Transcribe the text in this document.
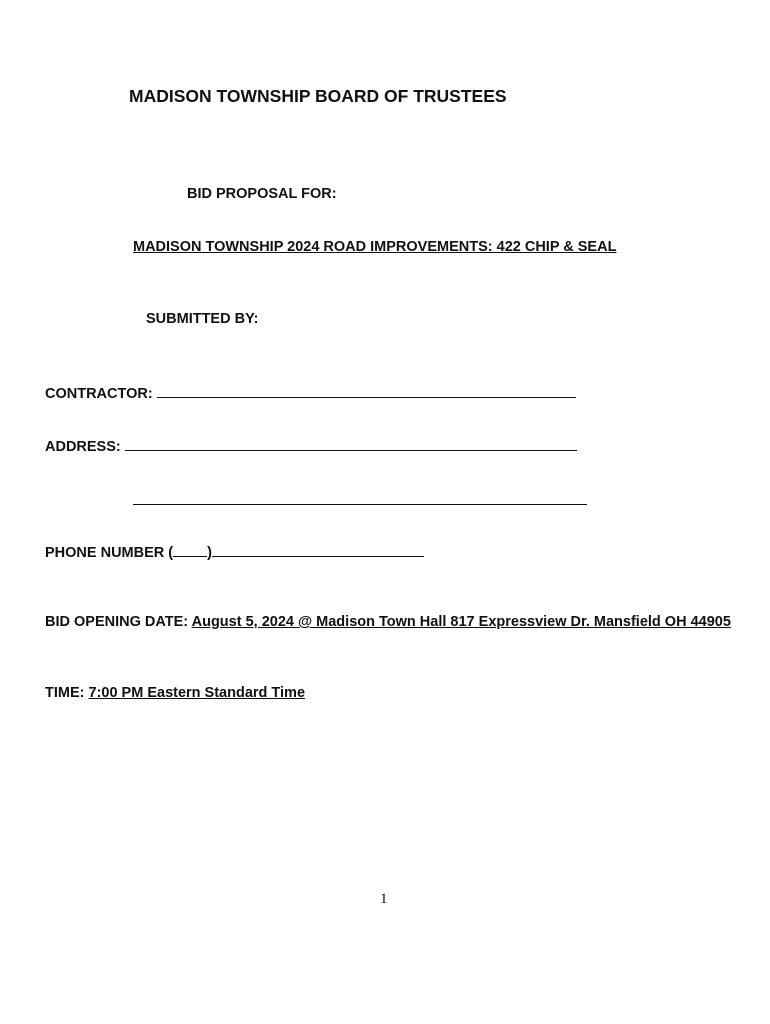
MADISON TOWNSHIP BOARD OF TRUSTEES
BID PROPOSAL FOR:
MADISON TOWNSHIP 2024 ROAD IMPROVEMENTS: 422 CHIP & SEAL
SUBMITTED BY:
CONTRACTOR:
ADDRESS:
PHONE NUMBER ( )
BID OPENING DATE: August 5, 2024 @ Madison Town Hall 817 Expressview Dr. Mansfield OH 44905
TIME: 7:00 PM Eastern Standard Time
1
